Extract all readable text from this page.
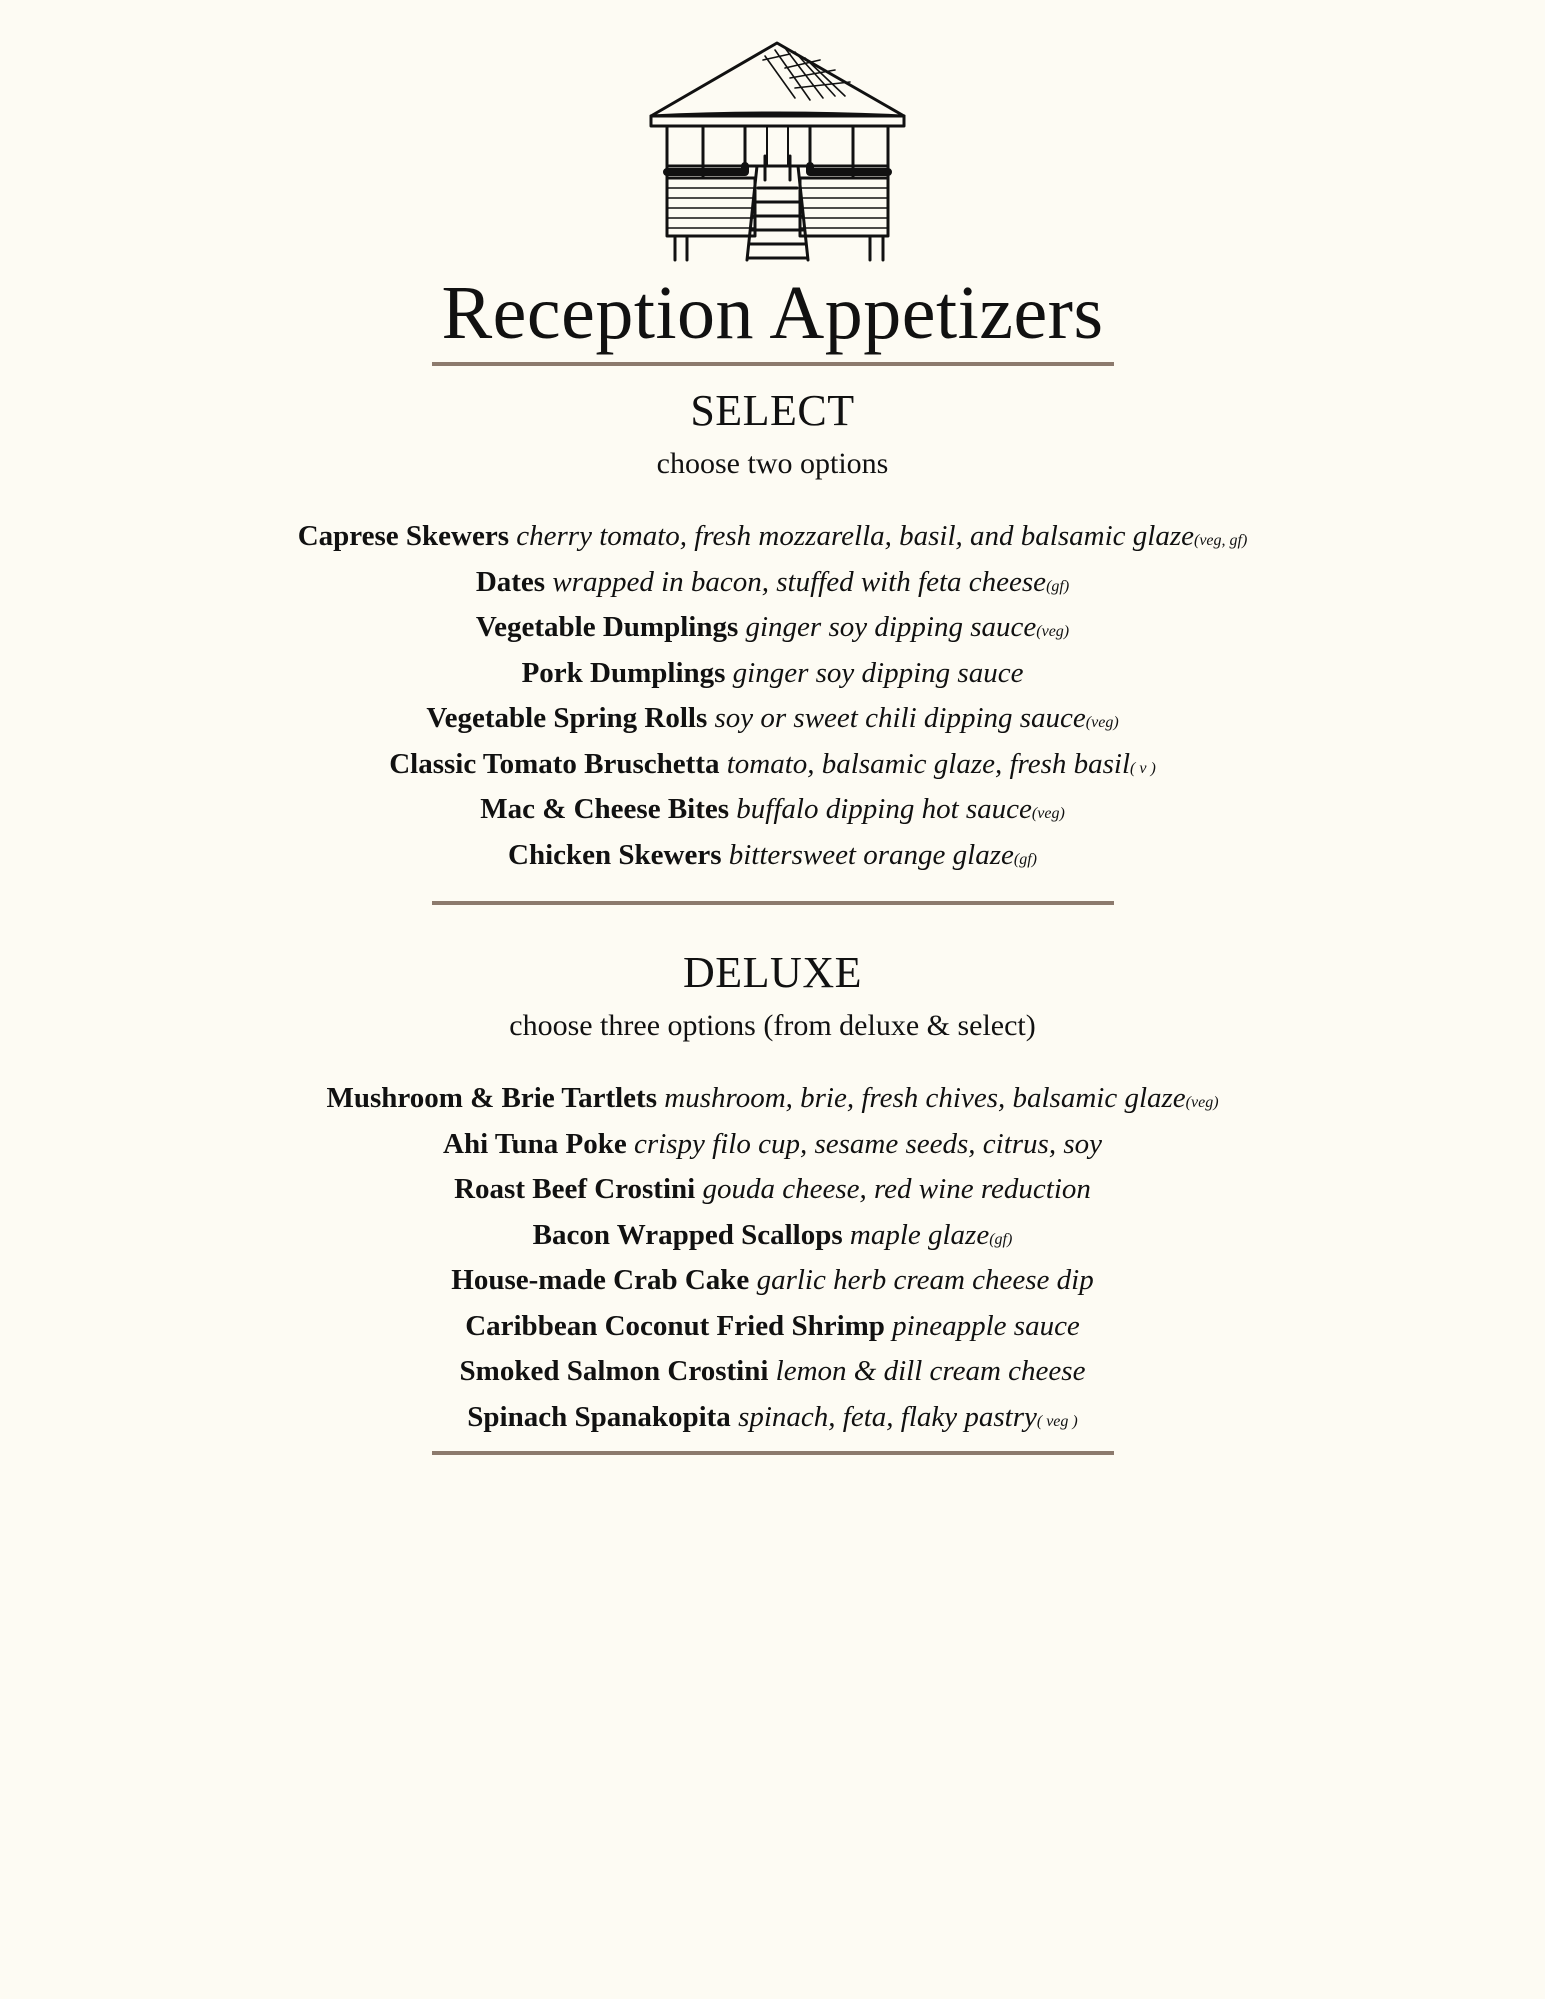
Reception Appetizers
SELECT

choose two options

Caprese Skewers cherry tomato, fresh mozzarella, basil, and balsamic glaze(veg, gf)
Dates wrapped in bacon, stuffed with feta cheese(gf)
Vegetable Dumplings ginger soy dipping sauce(veg)
Pork Dumplings ginger soy dipping sauce
Vegetable Spring Rolls soy or sweet chili dipping sauce(veg)
Classic Tomato Bruschetta tomato, balsamic glaze, fresh basil( v )
Mac & Cheese Bites buffalo dipping hot sauce(veg)
Chicken Skewers bittersweet orange glaze(gf)
DELUXE

choose three options (from deluxe & select)

Mushroom & Brie Tartlets mushroom, brie, fresh chives, balsamic glaze(veg)
Ahi Tuna Poke crispy filo cup, sesame seeds, citrus, soy
Roast Beef Crostini gouda cheese, red wine reduction
Bacon Wrapped Scallops maple glaze(gf)
House-made Crab Cake garlic herb cream cheese dip
Caribbean Coconut Fried Shrimp pineapple sauce
Smoked Salmon Crostini lemon & dill cream cheese
Spinach Spanakopita spinach, feta, flaky pastry( veg )
